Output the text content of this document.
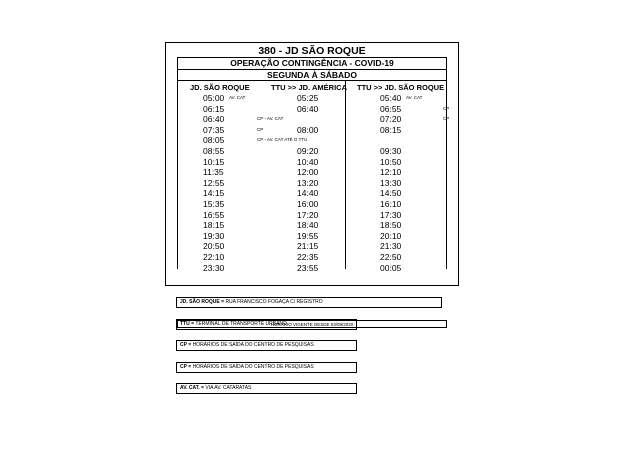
380 - JD SÃO ROQUE
OPERAÇÃO CONTINGÊNCIA - COVID-19
SEGUNDA À SÁBADO
JD. SÃO ROQUE	TTU >> JD. AMÉRICA TTU >> JD. SÃO ROQUE
05:00 AV. CAT	05:25	05:40 AV. CAT
06:15	06:40	06:55	CP
06:40	CP - AV. CAT	07:20	CP
07:35	CP	08:00	08:15
08:05	CP - AV. CAT ATÉ O TTU
08:55	09:20	09:30
10:15	10:40	10:50
11:35	12:00	12:10
12:55	13:20	13:30
14:15	14:40	14:50
15:35	16:00	16:10
16:55	17:20	17:30
18:15	18:40	18:50
19:30	19:55	20:10
20:50	21:15	21:30
22:10	22:35	22:50
23:30	23:55	00:05
HORÁRIO VIGENTE DESDE 03/09/2020
JD. SÃO ROQUE = RUA FRANCISCO FOGAÇA C/ REGISTRO
TTU = TERMINAL DE TRANSPORTE URBANO
CP = HORÁRIOS DE SAÍDA DO CENTRO DE PESQUISAS
CP = HORÁRIOS DE SAÍDA DO CENTRO DE PESQUISAS
AV. CAT. = VIA AV. CATARATAS
